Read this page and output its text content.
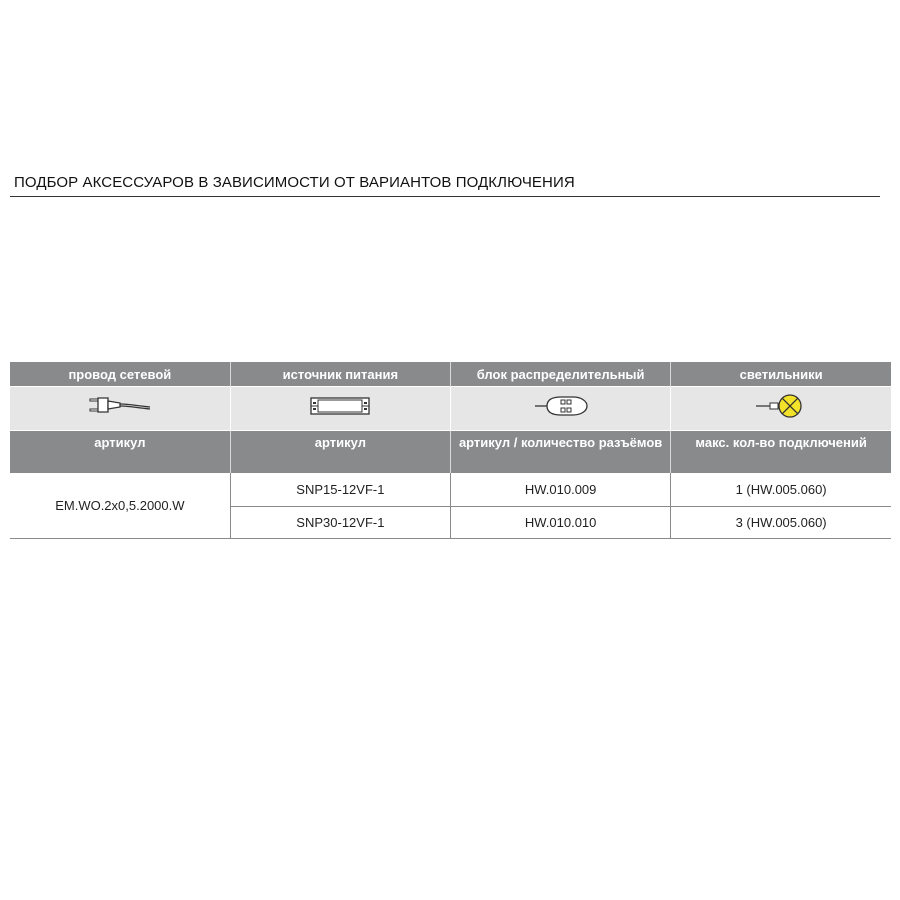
ПОДБОР АКСЕССУАРОВ В ЗАВИСИМОСТИ ОТ ВАРИАНТОВ ПОДКЛЮЧЕНИЯ
провод сетевой	источник питания	блок распределительный	светильники

артикул	артикул	артикул / количество разъёмов	макс. кол-во подключений
EM.WO.2x0,5.2000.W	SNP15-12VF-1	HW.010.009	1 (HW.005.060)
	SNP30-12VF-1	HW.010.010	3 (HW.005.060)
